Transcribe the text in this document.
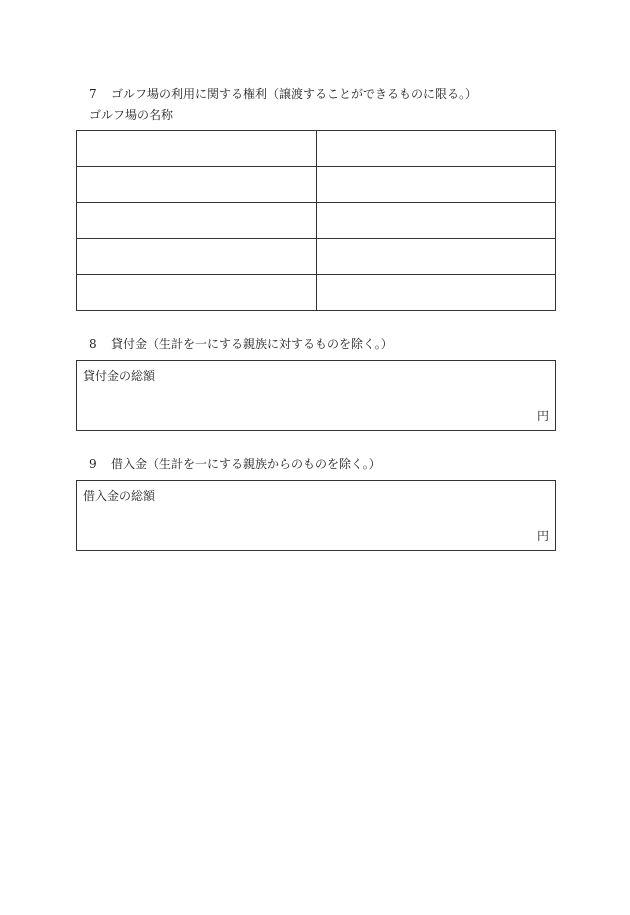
7 ゴルフ場の利用に関する権利（譲渡することができるものに限る。）
ゴルフ場の名称

8 貸付金（生計を一にする親族に対するものを除く。）
貸付金の総額
円
9 借入金（生計を一にする親族からのものを除く。）
借入金の総額
円
